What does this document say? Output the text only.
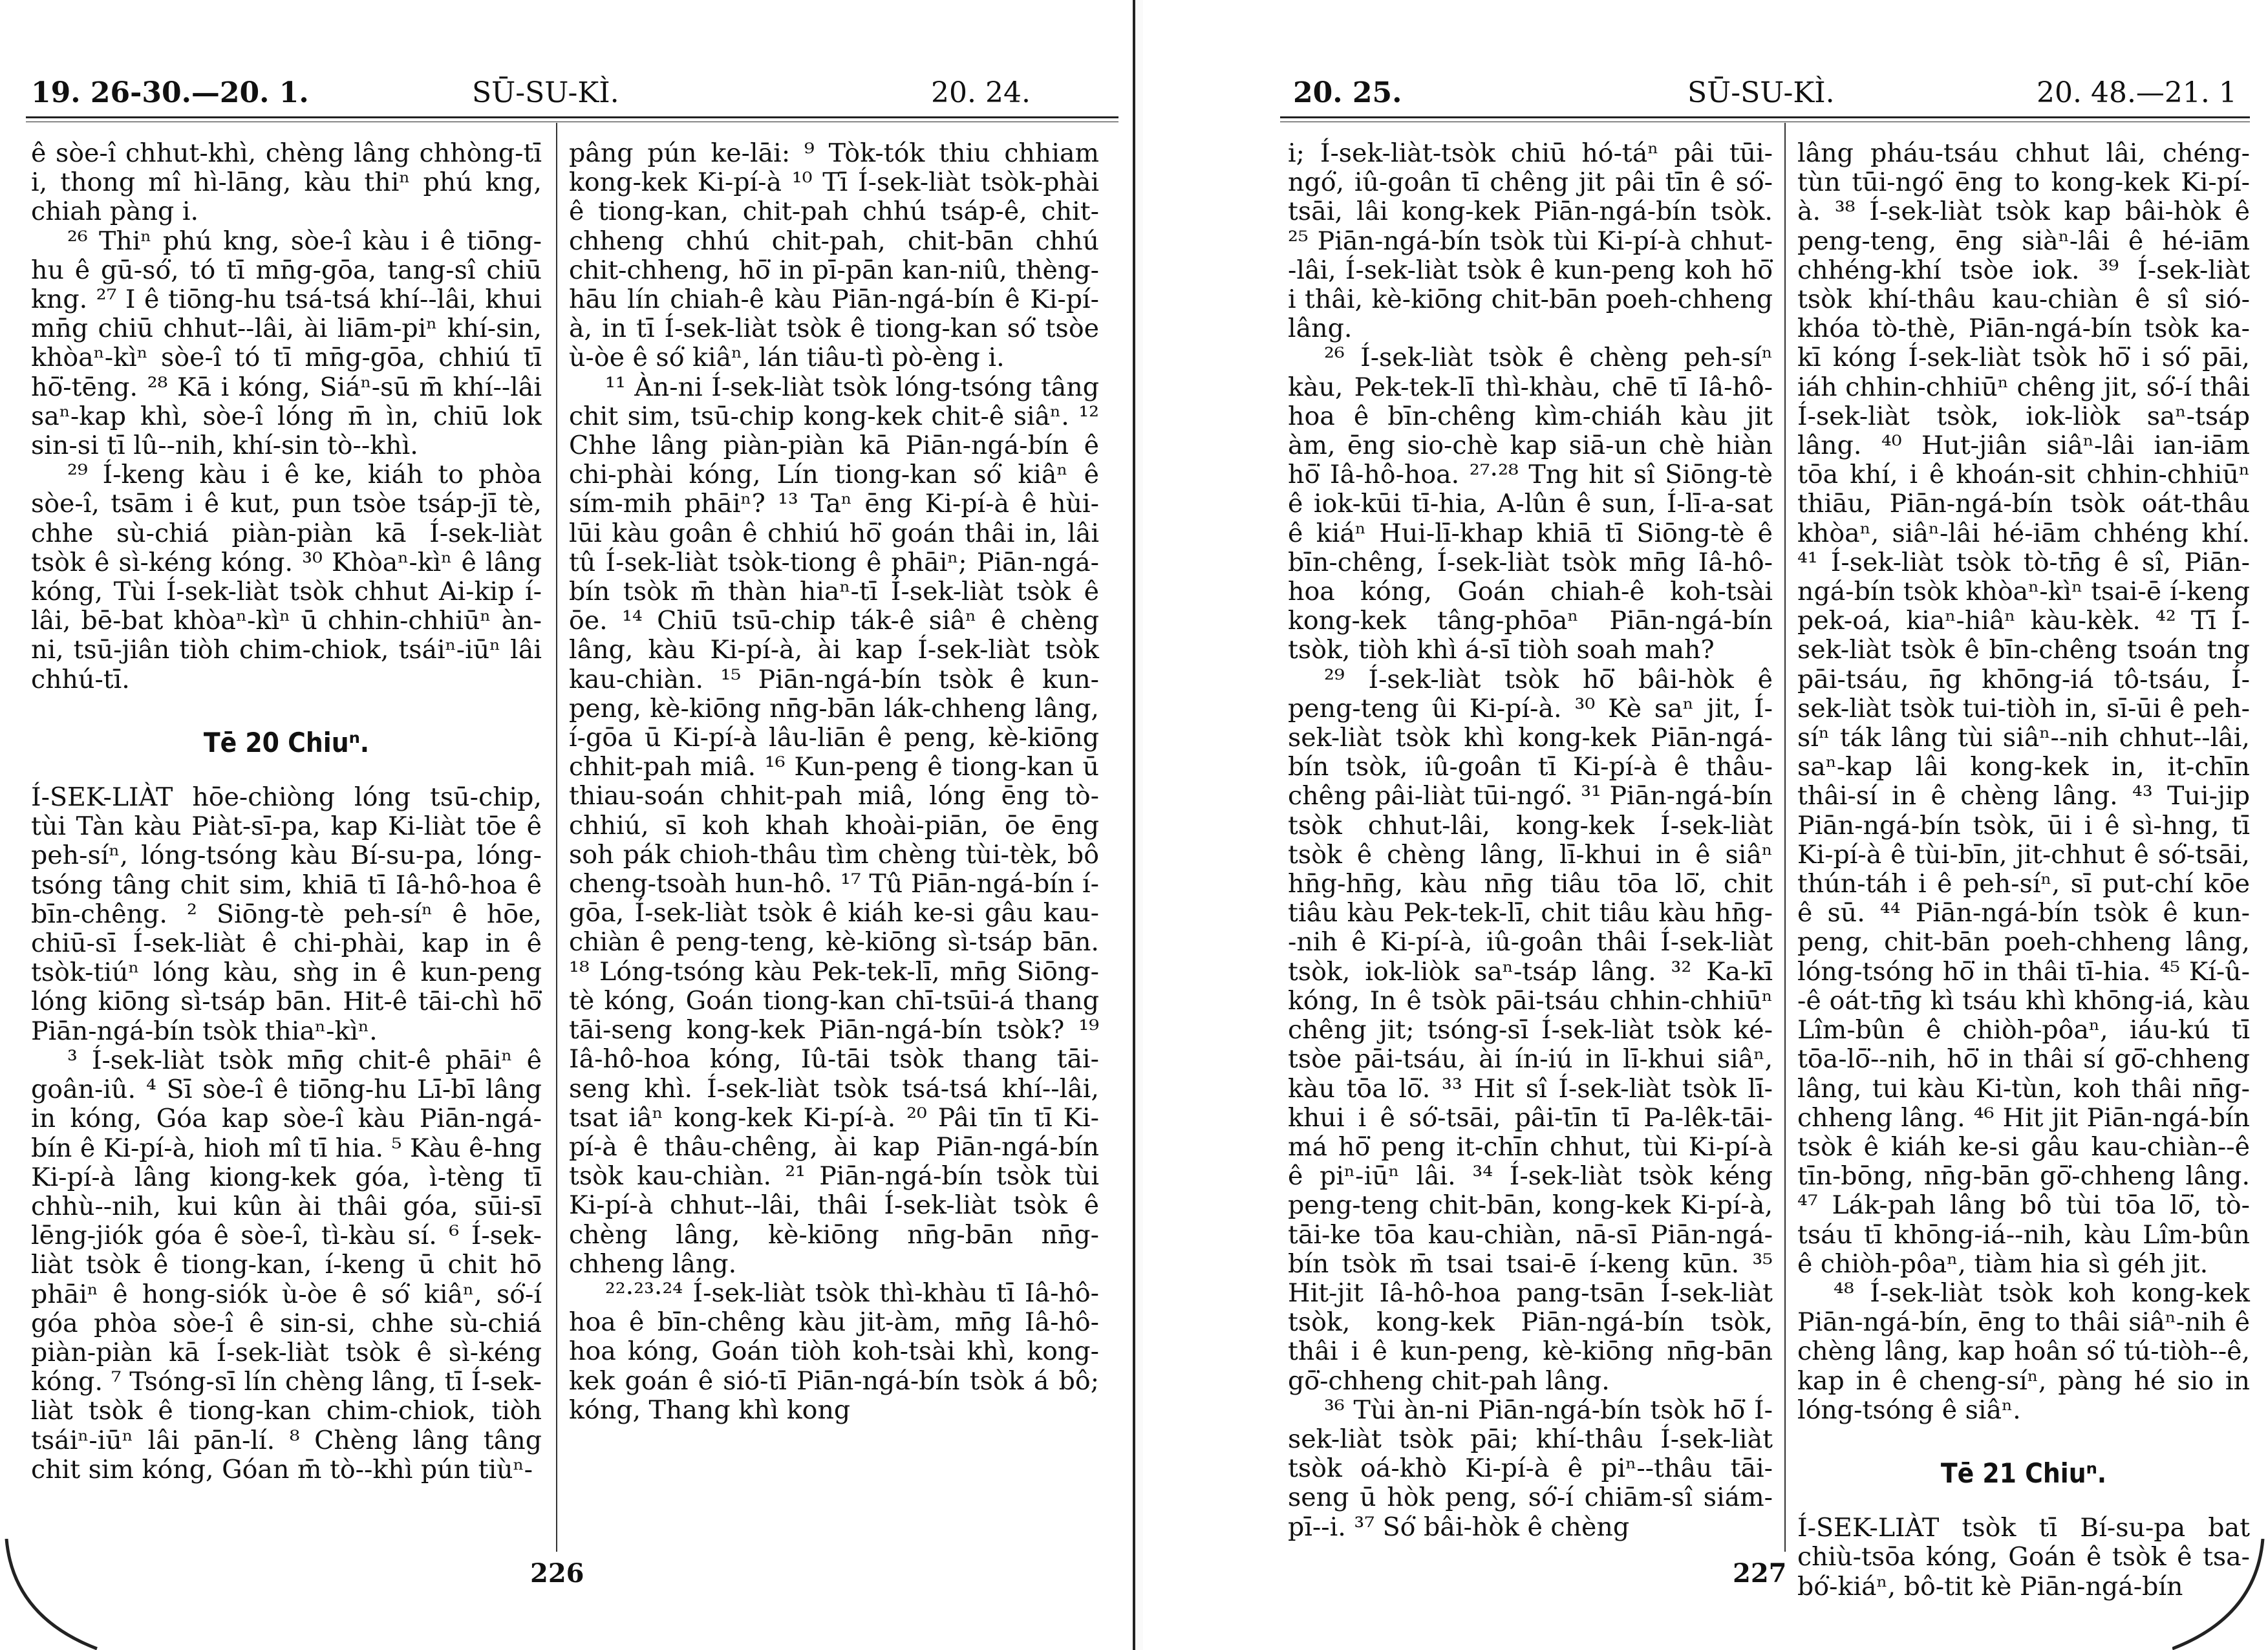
19. 26-30.—20. 1.	SŪ-SU-KÌ.	20. 24.

ê sòe-î chhut-khì, chèng lâng chhòng-tī i, thong mî hì-lāng, kàu thiⁿ phú kng, chiah pàng i.

²⁶ Thiⁿ phú kng, sòe-î kàu i ê tiōng-hu ê gū-só͘, tó tī mn̄g-gōa, tang-sî chiū kng. ²⁷ I ê tiōng-hu tsá-tsá khí--lâi, khui mn̄g chiū chhut--lâi, ài liām-piⁿ khí-sin, khòaⁿ-kìⁿ sòe-î tó tī mn̄g-gōa, chhiú tī hō͘-tēng. ²⁸ Kā i kóng, Siáⁿ-sū m̄ khí--lâi saⁿ-kap khì, sòe-î lóng m̄ ìn, chiū lok sin-si tī lû--nih, khí-sin tò--khì.

²⁹ Í-keng kàu i ê ke, kiáh to phòa sòe-î, tsām i ê kut, pun tsòe tsáp-jī tè, chhe sù-chiá piàn-piàn kā Í-sek-liàt tsòk ê sì-kéng kóng. ³⁰ Khòaⁿ-kìⁿ ê lâng kóng, Tùi Í-sek-liàt tsòk chhut Ai-kip í-lâi, bē-bat khòaⁿ-kìⁿ ū chhin-chhiūⁿ àn-ni, tsū-jiân tiòh chim-chiok, tsáiⁿ-iūⁿ lâi chhú-tī.

Tē 20 Chiuⁿ.

Í-SEK-LIÀT hōe-chiòng lóng tsū-chip, tùi Tàn kàu Piàt-sī-pa, kap Ki-liàt tōe ê peh-síⁿ, lóng-tsóng kàu Bí-su-pa, lóng-tsóng tâng chit sim, khiā tī Iâ-hô-hoa ê bīn-chêng. ² Siōng-tè peh-síⁿ ê hōe, chiū-sī Í-sek-liàt ê chi-phài, kap in ê tsòk-tiúⁿ lóng kàu, sǹg in ê kun-peng lóng kiōng sì-tsáp bān. Hit-ê tāi-chì hō͘ Piān-ngá-bín tsòk thiaⁿ-kìⁿ.

³ Í-sek-liàt tsòk mn̄g chit-ê phāiⁿ ê goân-iû. ⁴ Sī sòe-î ê tiōng-hu Lī-bī lâng in kóng, Góa kap sòe-î kàu Piān-ngá-bín ê Ki-pí-à, hioh mî tī hia. ⁵ Kàu ê-hng Ki-pí-à lâng kiong-kek góa, ì-tèng tī chhù--nih, kui kûn ài thâi góa, sūi-sī lēng-jiók góa ê sòe-î, tì-kàu sí. ⁶ Í-sek-liàt tsòk ê tiong-kan, í-keng ū chit hō phāiⁿ ê hong-siók ù-òe ê só͘ kiâⁿ, só͘-í góa phòa sòe-î ê sin-si, chhe sù-chiá piàn-piàn kā Í-sek-liàt tsòk ê sì-kéng kóng. ⁷ Tsóng-sī lín chèng lâng, tī Í-sek-liàt tsòk ê tiong-kan chim-chiok, tiòh tsáiⁿ-iūⁿ lâi pān-lí. ⁸ Chèng lâng tâng chit sim kóng, Góan m̄ tò--khì pún tiùⁿ-

pâng pún ke-lāi: ⁹ Tòk-tók thiu chhiam kong-kek Ki-pí-à ¹⁰ Tī Í-sek-liàt tsòk-phài ê tiong-kan, chit-pah chhú tsáp-ê, chit-chheng chhú chit-pah, chit-bān chhú chit-chheng, hō͘ in pī-pān kan-niû, thèng-hāu lín chiah-ê kàu Piān-ngá-bín ê Ki-pí-à, in tī Í-sek-liàt tsòk ê tiong-kan só͘ tsòe ù-òe ê só͘ kiâⁿ, lán tiâu-tì pò-èng i.

¹¹ Àn-ni Í-sek-liàt tsòk lóng-tsóng tâng chit sim, tsū-chip kong-kek chit-ê siâⁿ. ¹² Chhe lâng piàn-piàn kā Piān-ngá-bín ê chi-phài kóng, Lín tiong-kan só͘ kiâⁿ ê sím-mih phāiⁿ? ¹³ Taⁿ ēng Ki-pí-à ê hùi-lūi kàu goân ê chhiú hō͘ goán thâi in, lâi tû Í-sek-liàt tsòk-tiong ê phāiⁿ; Piān-ngá-bín tsòk m̄ thàn hiaⁿ-tī Í-sek-liàt tsòk ê ōe. ¹⁴ Chiū tsū-chip ták-ê siâⁿ ê chèng lâng, kàu Ki-pí-à, ài kap Í-sek-liàt tsòk kau-chiàn. ¹⁵ Piān-ngá-bín tsòk ê kun-peng, kè-kiōng nn̄g-bān lák-chheng lâng, í-gōa ū Ki-pí-à lâu-liān ê peng, kè-kiōng chhit-pah miâ. ¹⁶ Kun-peng ê tiong-kan ū thiau-soán chhit-pah miâ, lóng ēng tò-chhiú, sī koh khah khoài-piān, ōe ēng soh pák chioh-thâu tìm chèng tùi-tèk, bô cheng-tsoàh hun-hô. ¹⁷ Tû Piān-ngá-bín í-gōa, Í-sek-liàt tsòk ê kiáh ke-si gâu kau-chiàn ê peng-teng, kè-kiōng sì-tsáp bān. ¹⁸ Lóng-tsóng kàu Pek-tek-lī, mn̄g Siōng-tè kóng, Goán tiong-kan chī-tsūi-á thang tāi-seng kong-kek Piān-ngá-bín tsòk? ¹⁹ Iâ-hô-hoa kóng, Iû-tāi tsòk thang tāi-seng khì. Í-sek-liàt tsòk tsá-tsá khí--lâi, tsat iâⁿ kong-kek Ki-pí-à. ²⁰ Pâi tīn tī Ki-pí-à ê thâu-chêng, ài kap Piān-ngá-bín tsòk kau-chiàn. ²¹ Piān-ngá-bín tsòk tùi Ki-pí-à chhut--lâi, thâi Í-sek-liàt tsòk ê chèng lâng, kè-kiōng nn̄g-bān nn̄g-chheng lâng.

²²·²³·²⁴ Í-sek-liàt tsòk thì-khàu tī Iâ-hô-hoa ê bīn-chêng kàu jit-àm, mn̄g Iâ-hô-hoa kóng, Goán tiòh koh-tsài khì, kong-kek goán ê sió-tī Piān-ngá-bín tsòk á bô; kóng, Thang khì kong

226
20. 25.	SŪ-SU-KÌ.	20. 48.—21. 1

i; Í-sek-liàt-tsòk chiū hó-táⁿ pâi tūi-ngó͘, iû-goân tī chêng jit pâi tīn ê só͘-tsāi, lâi kong-kek Piān-ngá-bín tsòk. ²⁵ Piān-ngá-bín tsòk tùi Ki-pí-à chhut--lâi, Í-sek-liàt tsòk ê kun-peng koh hō͘ i thâi, kè-kiōng chit-bān poeh-chheng lâng.

²⁶ Í-sek-liàt tsòk ê chèng peh-síⁿ kàu, Pek-tek-lī thì-khàu, chē tī Iâ-hô-hoa ê bīn-chêng kìm-chiáh kàu jit àm, ēng sio-chè kap siā-un chè hiàn hō͘ Iâ-hô-hoa. ²⁷·²⁸ Tng hit sî Siōng-tè ê iok-kūi tī-hia, A-lûn ê sun, Í-lī-a-sat ê kiáⁿ Hui-lī-khap khiā tī Siōng-tè ê bīn-chêng, Í-sek-liàt tsòk mn̄g Iâ-hô-hoa kóng, Goán chiah-ê koh-tsài kong-kek tâng-phōaⁿ Piān-ngá-bín tsòk, tiòh khì á-sī tiòh soah mah?

²⁹ Í-sek-liàt tsòk hō͘ bâi-hòk ê peng-teng ûi Ki-pí-à. ³⁰ Kè saⁿ jit, Í-sek-liàt tsòk khì kong-kek Piān-ngá-bín tsòk, iû-goân tī Ki-pí-à ê thâu-chêng pâi-liàt tūi-ngó͘. ³¹ Piān-ngá-bín tsòk chhut-lâi, kong-kek Í-sek-liàt tsòk ê chèng lâng, lī-khui in ê siâⁿ hn̄g-hn̄g, kàu nn̄g tiâu tōa lō͘, chit tiâu kàu Pek-tek-lī, chit tiâu kàu hn̄g--nih ê Ki-pí-à, iû-goân thâi Í-sek-liàt tsòk, iok-liòk saⁿ-tsáp lâng. ³² Ka-kī kóng, In ê tsòk pāi-tsáu chhin-chhiūⁿ chêng jit; tsóng-sī Í-sek-liàt tsòk ké-tsòe pāi-tsáu, ài ín-iú in lī-khui siâⁿ, kàu tōa lō͘. ³³ Hit sî Í-sek-liàt tsòk lī-khui i ê só͘-tsāi, pâi-tīn tī Pa-lêk-tāi-má hō͘ peng it-chīn chhut, tùi Ki-pí-à ê piⁿ-iūⁿ lâi. ³⁴ Í-sek-liàt tsòk kéng peng-teng chit-bān, kong-kek Ki-pí-à, tāi-ke tōa kau-chiàn, nā-sī Piān-ngá-bín tsòk m̄ tsai tsai-ē í-keng kūn. ³⁵ Hit-jit Iâ-hô-hoa pang-tsān Í-sek-liàt tsòk, kong-kek Piān-ngá-bín tsòk, thâi i ê kun-peng, kè-kiōng nn̄g-bān gō͘-chheng chit-pah lâng.

³⁶ Tùi àn-ni Piān-ngá-bín tsòk hō͘ Í-sek-liàt tsòk pāi; khí-thâu Í-sek-liàt tsòk oá-khò Ki-pí-à ê piⁿ--thâu tāi-seng ū hòk peng, só͘-í chiām-sî siám-pī--i. ³⁷ Só͘ bâi-hòk ê chèng

lâng pháu-tsáu chhut lâi, chéng-tùn tūi-ngó͘ ēng to kong-kek Ki-pí-à. ³⁸ Í-sek-liàt tsòk kap bâi-hòk ê peng-teng, ēng siàⁿ-lâi ê hé-iām chhéng-khí tsòe iok. ³⁹ Í-sek-liàt tsòk khí-thâu kau-chiàn ê sî sió-khóa tò-thè, Piān-ngá-bín tsòk ka-kī kóng Í-sek-liàt tsòk hō͘ i só͘ pāi, iáh chhin-chhiūⁿ chêng jit, só͘-í thâi Í-sek-liàt tsòk, iok-liòk saⁿ-tsáp lâng. ⁴⁰ Hut-jiân siâⁿ-lâi ian-iām tōa khí, i ê khoán-sit chhin-chhiūⁿ thiāu, Piān-ngá-bín tsòk oát-thâu khòaⁿ, siâⁿ-lâi hé-iām chhéng khí. ⁴¹ Í-sek-liàt tsòk tò-tn̄g ê sî, Piān-ngá-bín tsòk khòaⁿ-kìⁿ tsai-ē í-keng pek-oá, kiaⁿ-hiâⁿ kàu-kèk. ⁴² Tī Í-sek-liàt tsòk ê bīn-chêng tsoán tng pāi-tsáu, n̄g khōng-iá tô-tsáu, Í-sek-liàt tsòk tui-tiòh in, sī-ūi ê peh-síⁿ ták lâng tùi siâⁿ--nih chhut--lâi, saⁿ-kap lâi kong-kek in, it-chīn thâi-sí in ê chèng lâng. ⁴³ Tui-jip Piān-ngá-bín tsòk, ūi i ê sì-hng, tī Ki-pí-à ê tùi-bīn, jit-chhut ê só͘-tsāi, thún-táh i ê peh-síⁿ, sī put-chí kōe ê sū. ⁴⁴ Piān-ngá-bín tsòk ê kun-peng, chit-bān poeh-chheng lâng, lóng-tsóng hō͘ in thâi tī-hia. ⁴⁵ Kí-û--ê oát-tn̄g kì tsáu khì khōng-iá, kàu Lîm-bûn ê chiòh-pôaⁿ, iáu-kú tī tōa-lō͘--nih, hō͘ in thâi sí gō͘-chheng lâng, tui kàu Ki-tùn, koh thâi nn̄g-chheng lâng. ⁴⁶ Hit jit Piān-ngá-bín tsòk ê kiáh ke-si gâu kau-chiàn--ê tīn-bōng, nn̄g-bān gō͘-chheng lâng. ⁴⁷ Lák-pah lâng bô tùi tōa lō͘, tò-tsáu tī khōng-iá--nih, kàu Lîm-bûn ê chiòh-pôaⁿ, tiàm hia sì géh jit.

⁴⁸ Í-sek-liàt tsòk koh kong-kek Piān-ngá-bín, ēng to thâi siâⁿ-nih ê chèng lâng, kap hoân só͘ tú-tiòh--ê, kap in ê cheng-síⁿ, pàng hé sio in lóng-tsóng ê siâⁿ.

Tē 21 Chiuⁿ.

Í-SEK-LIÀT tsòk tī Bí-su-pa bat chiù-tsōa kóng, Goán ê tsòk ê tsa-bó͘-kiáⁿ, bô-tit kè Piān-ngá-bín

227
